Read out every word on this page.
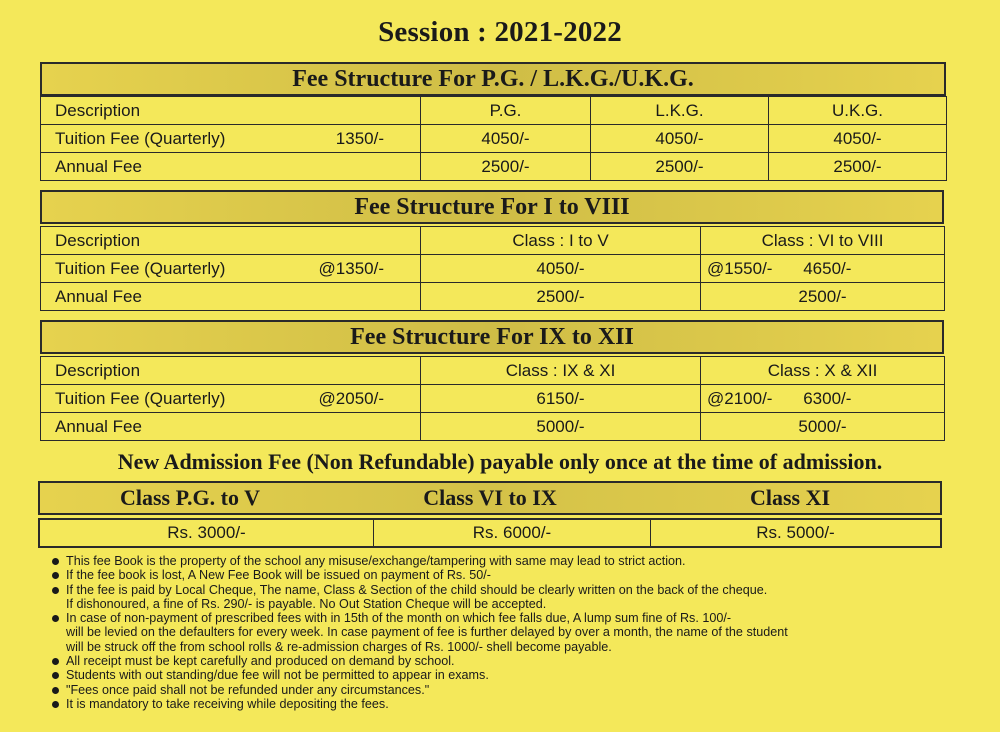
Session : 2021-2022
Fee Structure For P.G. / L.K.G./U.K.G.
Description	P.G.	L.K.G.	U.K.G.

Tuition Fee (Quarterly) 1350/-	4050/-	4050/-	4050/-
Annual Fee	2500/-	2500/-	2500/-
Fee Structure For I to VIII
Description	Class : I to V	Class : VI to VIII

Tuition Fee (Quarterly) @1350/-	4050/-	@1550/- 4650/-
Annual Fee	2500/-	2500/-
Fee Structure For IX to XII
Description	Class : IX & XI	Class : X & XII

Tuition Fee (Quarterly) @2050/-	6150/-	@2100/- 6300/-
Annual Fee	5000/-	5000/-
New Admission Fee (Non Refundable) payable only once at the time of admission.
Class P.G. to V	Class VI to IX	Class XI
Rs. 3000/-	Rs. 6000/-	Rs. 5000/-
This fee Book is the property of the school any misuse/exchange/tampering with same may lead to strict action.
If the fee book is lost, A New Fee Book will be issued on payment of Rs. 50/-
If the fee is paid by Local Cheque, The name, Class & Section of the child should be clearly written on the back of the cheque.
If dishonoured, a fine of Rs. 290/- is payable. No Out Station Cheque will be accepted.
In case of non-payment of prescribed fees with in 15th of the month on which fee falls due, A lump sum fine of Rs. 100/-
will be levied on the defaulters for every week. In case payment of fee is further delayed by over a month, the name of the student
will be struck off the from school rolls & re-admission charges of Rs. 1000/- shell become payable.
All receipt must be kept carefully and produced on demand by school.
Students with out standing/due fee will not be permitted to appear in exams.
"Fees once paid shall not be refunded under any circumstances."
It is mandatory to take receiving while depositing the fees.
